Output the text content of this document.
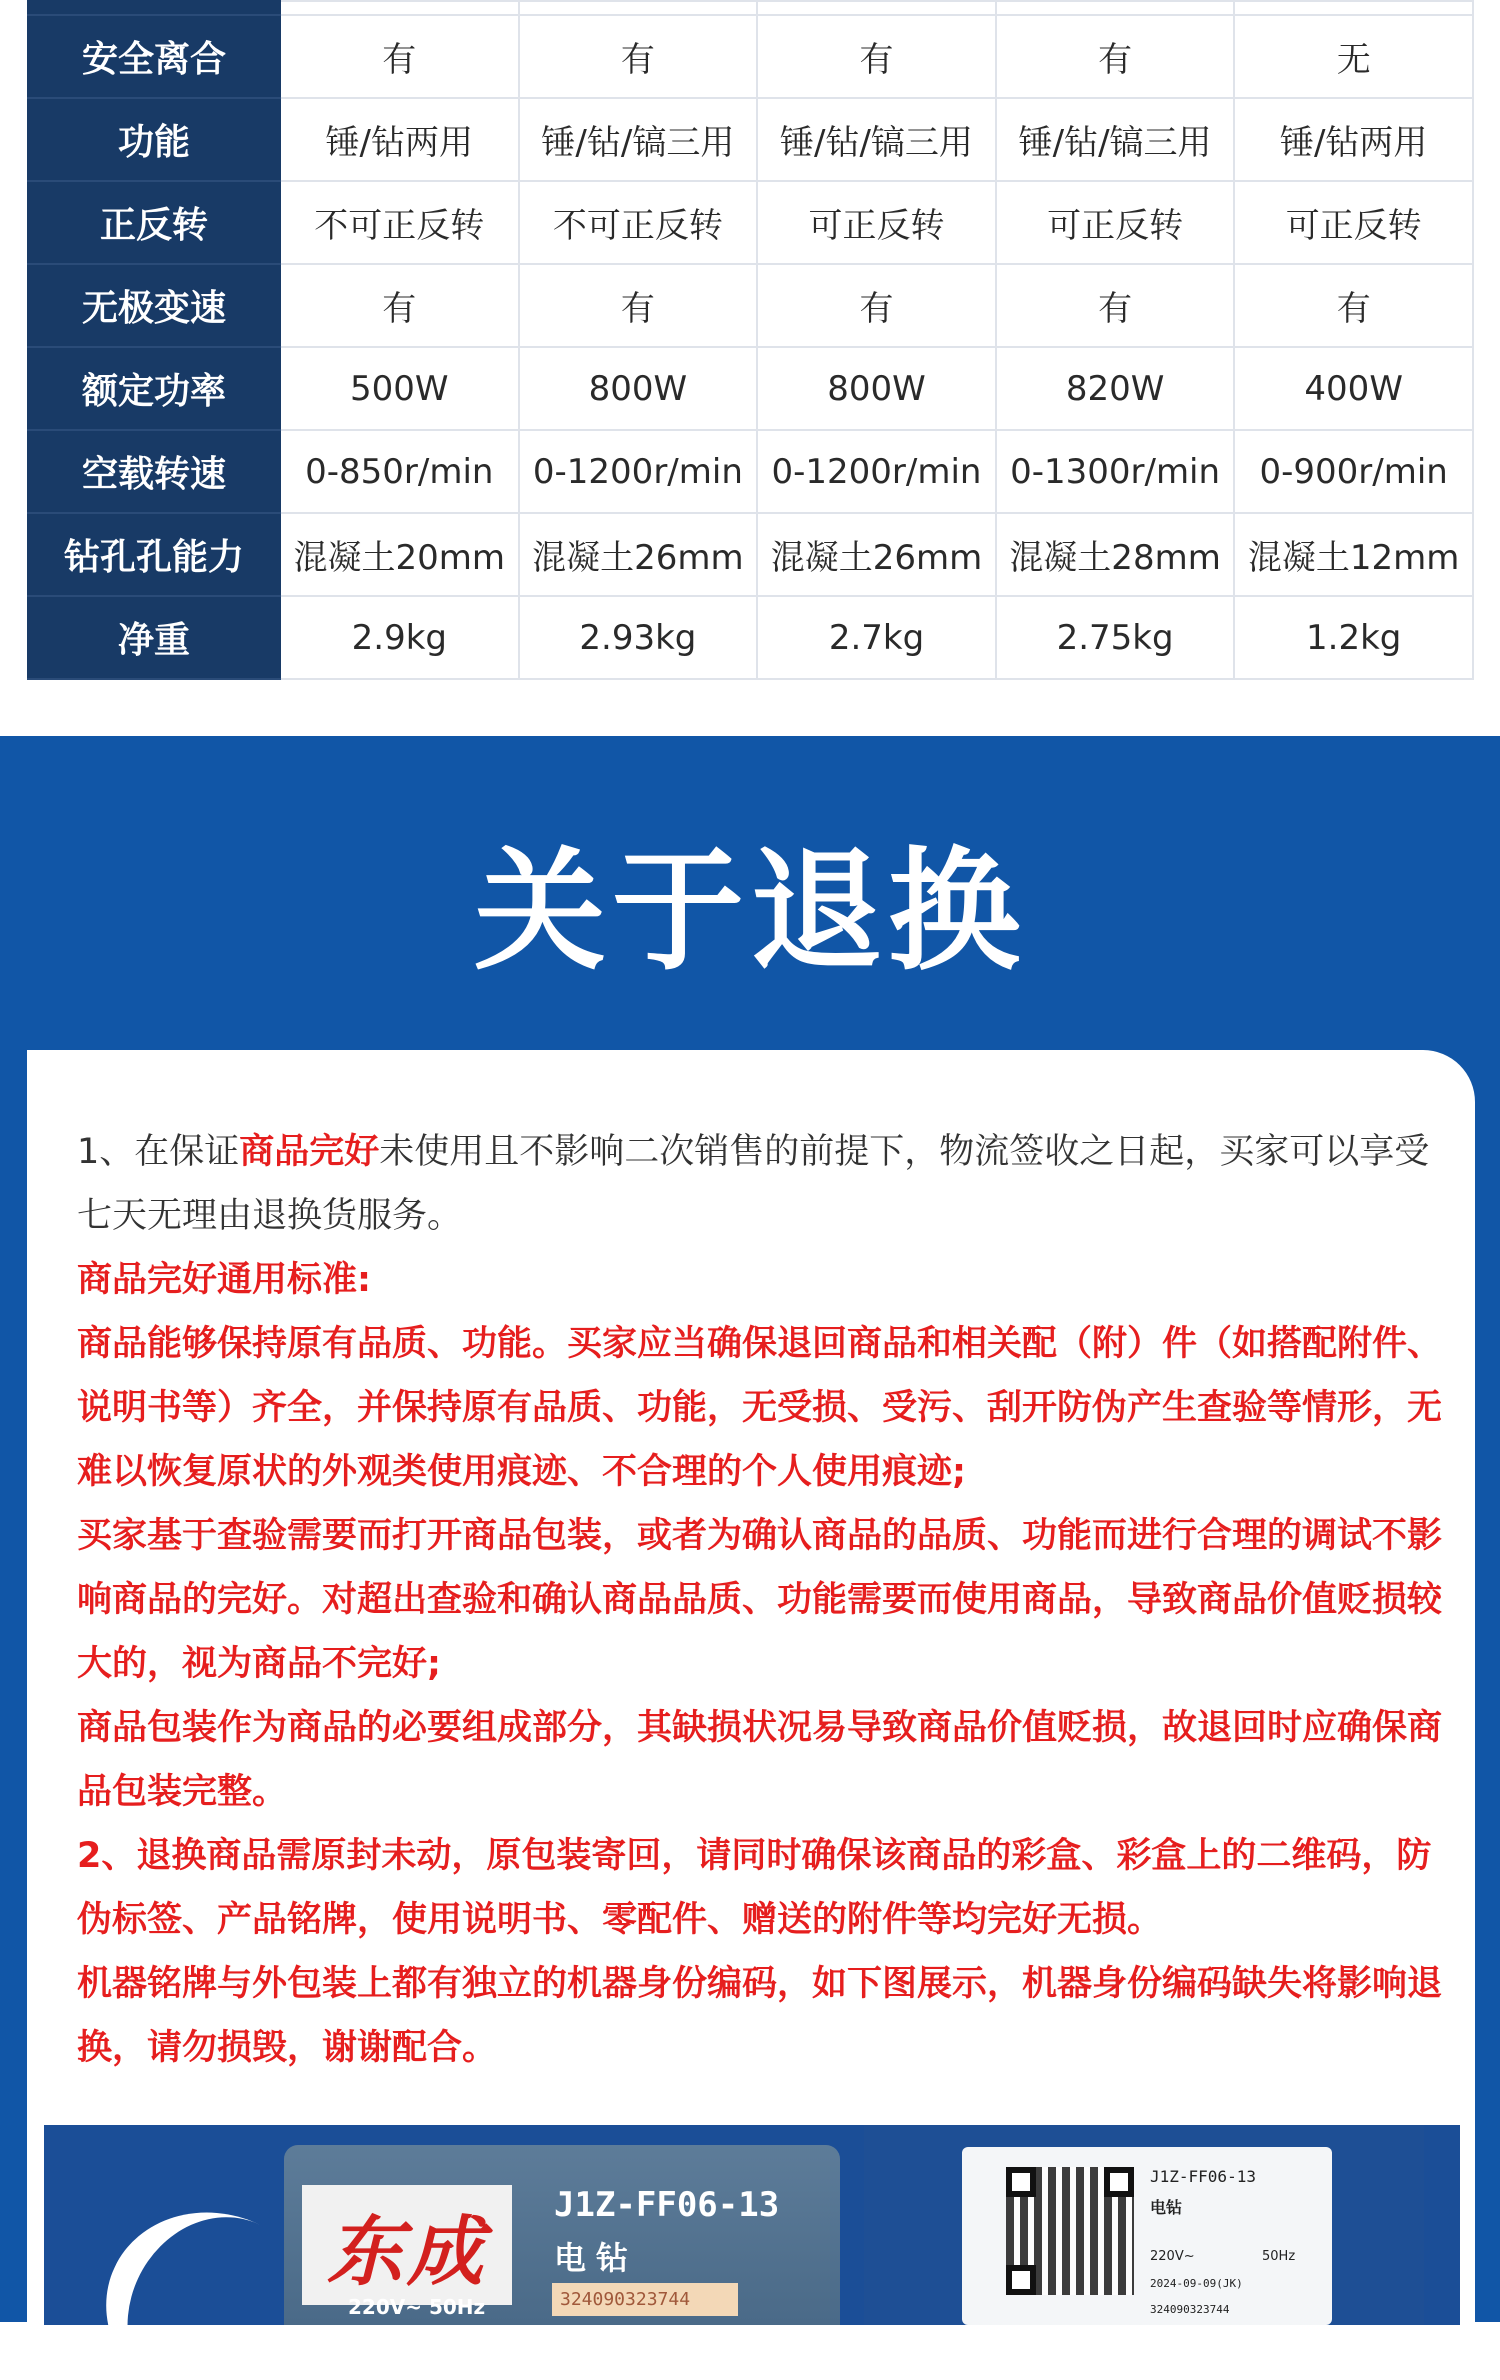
安全离合	有	有	有	有	无
功能	锤/钻两用	锤/钻/镐三用	锤/钻/镐三用	锤/钻/镐三用	锤/钻两用
正反转	不可正反转	不可正反转	可正反转	可正反转	可正反转
无极变速	有	有	有	有	有
额定功率	500W	800W	800W	820W	400W
空载转速	0-850r/min	0-1200r/min	0-1200r/min	0-1300r/min	0-900r/min
钻孔孔能力	混凝土20mm	混凝土26mm	混凝土26mm	混凝土28mm	混凝土12mm
净重	2.9kg	2.93kg	2.7kg	2.75kg	1.2kg
关于退换

1、在保证商品完好未使用且不影响二次销售的前提下，物流签收之日起，买家可以享受七天无理由退换货服务。

商品完好通用标准:

商品能够保持原有品质、功能。买家应当确保退回商品和相关配（附）件（如搭配附件、说明书等）齐全，并保持原有品质、功能，无受损、受污、刮开防伪产生查验等情形，无难以恢复原状的外观类使用痕迹、不合理的个人使用痕迹;

买家基于查验需要而打开商品包装，或者为确认商品的品质、功能而进行合理的调试不影响商品的完好。对超出查验和确认商品品质、功能需要而使用商品，导致商品价值贬损较大的，视为商品不完好;

商品包装作为商品的必要组成部分，其缺损状况易导致商品价值贬损，故退回时应确保商品包装完整。

2、退换商品需原封未动，原包装寄回，请同时确保该商品的彩盒、彩盒上的二维码，防伪标签、产品铭牌，使用说明书、零配件、赠送的附件等均完好无损。

机器铭牌与外包装上都有独立的机器身份编码，如下图展示，机器身份编码缺失将影响退换，请勿损毁，谢谢配合。

东成
J1Z-FF06-13
电钻
324090323744
220V~ 50Hz
J1Z-FF06-13
电钻
220V~	50Hz
2024-09-09(JK)
324090323744
